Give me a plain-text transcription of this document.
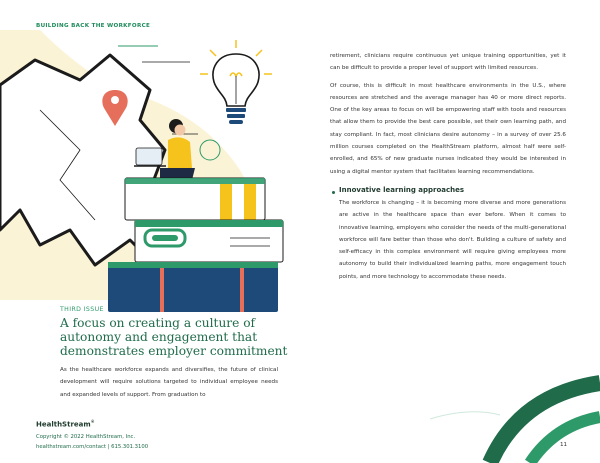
BUILDING BACK THE WORKFORCE
THIRD ISSUE
A focus on creating a culture of autonomy and engagement that demonstrates employer commitment

As the healthcare workforce expands and diversifies, the future of clinical development will require solutions targeted to individual employee needs and expanded levels of support. From graduation to

retirement, clinicians require continuous yet unique training opportunities, yet it can be difficult to provide a proper level of support with limited resources.

Of course, this is difficult in most healthcare environments in the U.S., where resources are stretched and the average manager has 40 or more direct reports. One of the key areas to focus on will be empowering staff with tools and resources that allow them to provide the best care possible, set their own learning path, and stay compliant. In fact, most clinicians desire autonomy – in a survey of over 25.6 million courses completed on the HealthStream platform, almost half were self-enrolled, and 65% of new graduate nurses indicated they would be interested in using a digital mentor system that facilitates learning recommendations.

Innovative learning approaches

The workforce is changing – it is becoming more diverse and more generations are active in the healthcare space than ever before. When it comes to innovative learning, employers who consider the needs of the multi-generational workforce will fare better than those who don't. Building a culture of safety and self-efficacy in this complex environment will require giving employees more autonomy to build their individualized learning paths, more engagement touch points, and more technology to accommodate these needs.

HealthStream®
Copyright © 2022 HealthStream, Inc.
healthstream.com/contact | 615.301.3100	11
